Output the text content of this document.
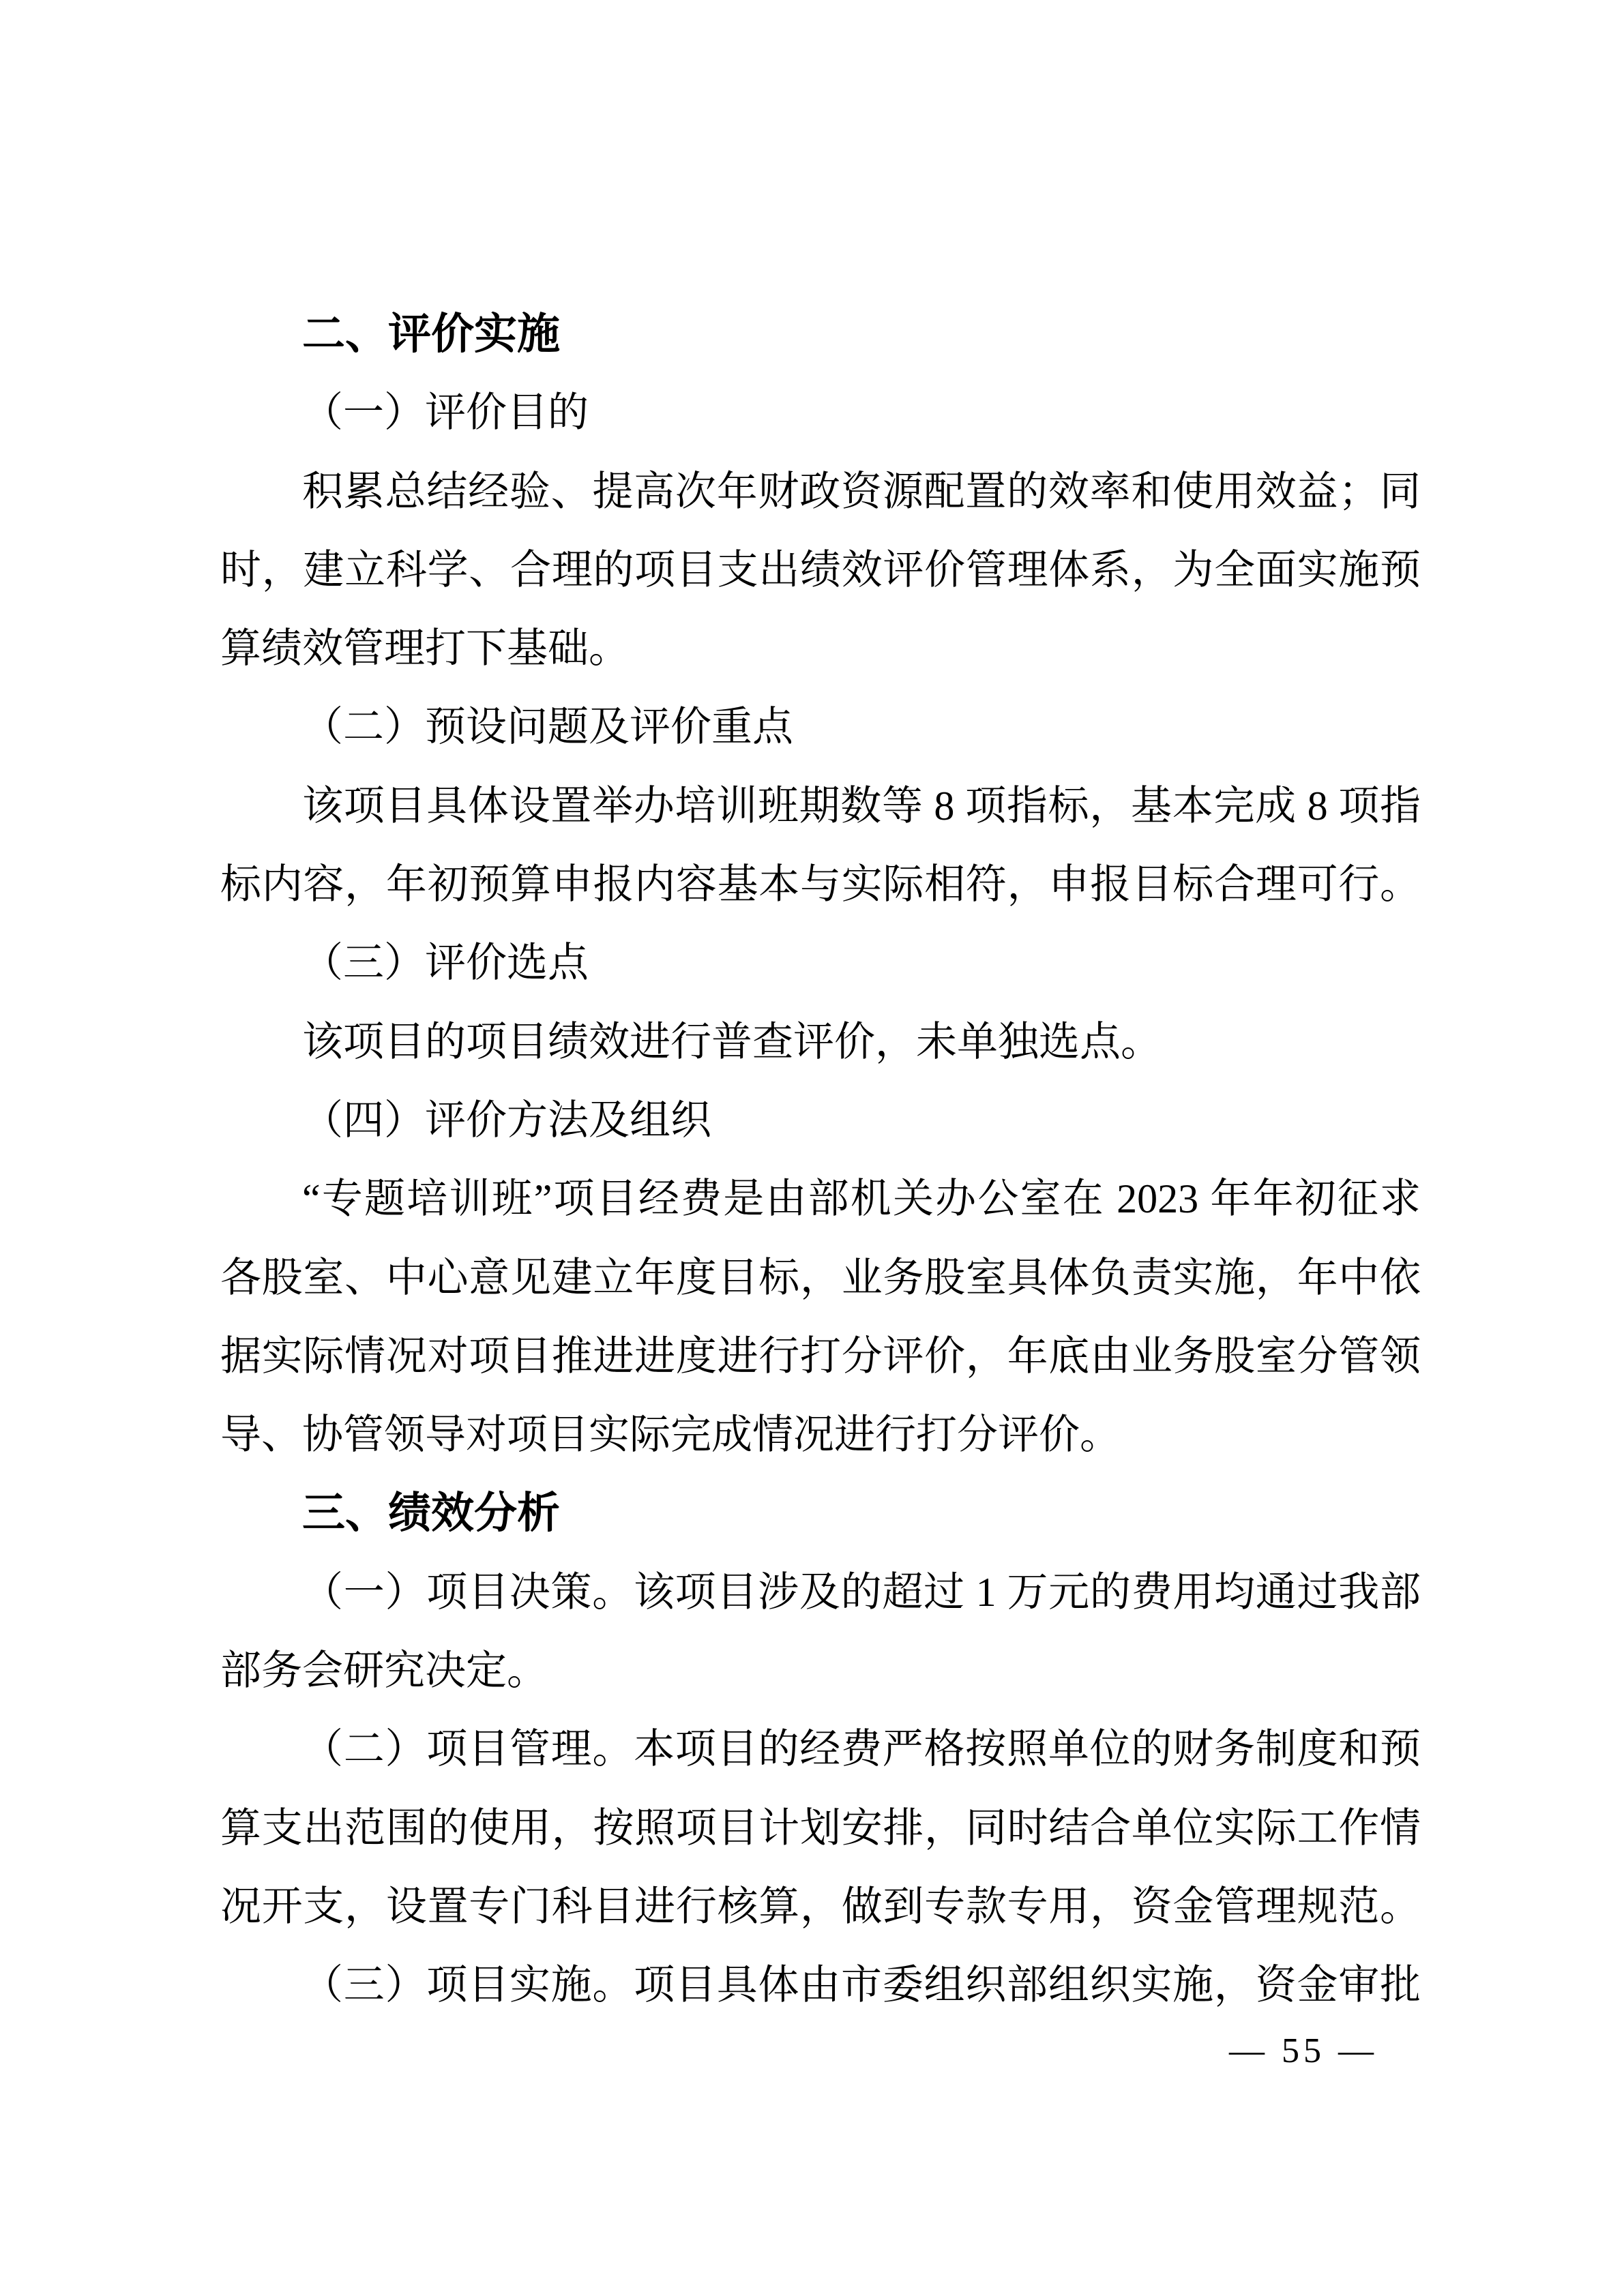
二、评价实施
（一）评价目的
积累总结经验、提高次年财政资源配置的效率和使用效益；同
时，建立科学、合理的项目支出绩效评价管理体系，为全面实施预
算绩效管理打下基础。
（二）预设问题及评价重点
该项目具体设置举办培训班期数等 8 项指标，基本完成 8 项指
标内容，年初预算申报内容基本与实际相符，申报目标合理可行。
（三）评价选点
该项目的项目绩效进行普查评价，未单独选点。
（四）评价方法及组织
“专题培训班”项目经费是由部机关办公室在 2023 年年初征求
各股室、中心意见建立年度目标，业务股室具体负责实施，年中依
据实际情况对项目推进进度进行打分评价，年底由业务股室分管领
导、协管领导对项目实际完成情况进行打分评价。
三、绩效分析
（一）项目决策。该项目涉及的超过 1 万元的费用均通过我部
部务会研究决定。
（二）项目管理。本项目的经费严格按照单位的财务制度和预
算支出范围的使用，按照项目计划安排，同时结合单位实际工作情
况开支，设置专门科目进行核算，做到专款专用，资金管理规范。
（三）项目实施。项目具体由市委组织部组织实施，资金审批
— 55 —
